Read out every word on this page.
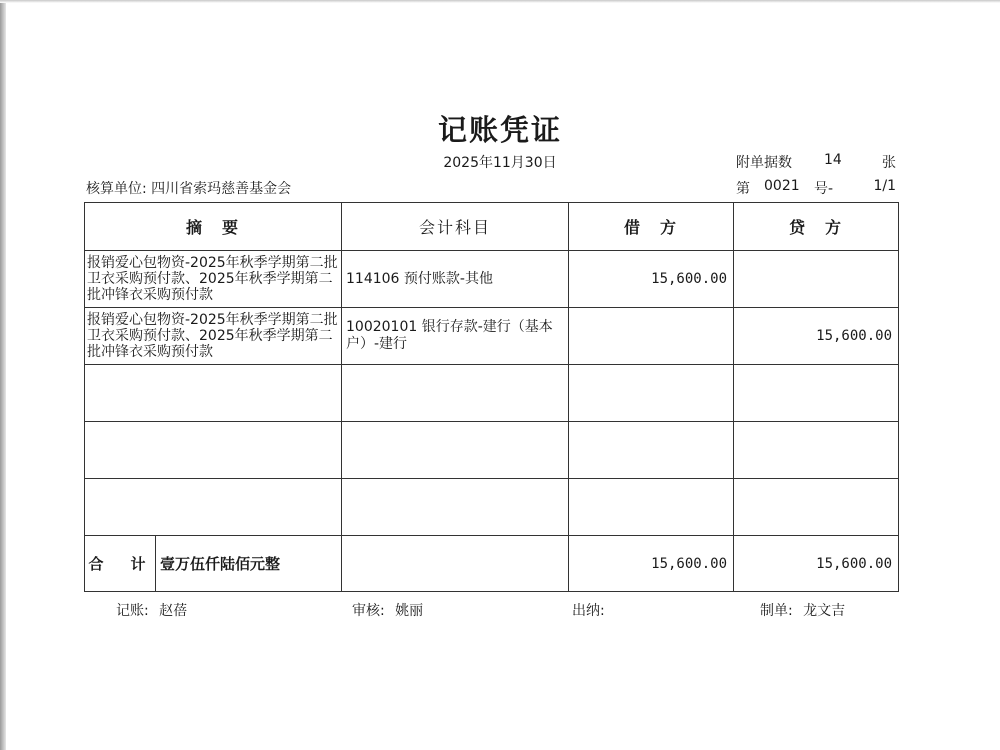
记账凭证
2025年11月30日	附单据数	14	张
核算单位: 四川省索玛慈善基金会	第	0021	号-	1/1
摘　要	会计科目	借　方	贷　方
报销爱心包物资-2025年秋季学期第二批卫衣采购预付款、2025年秋季学期第二批冲锋衣采购预付款	114106 预付账款-其他	15,600.00	
报销爱心包物资-2025年秋季学期第二批卫衣采购预付款、2025年秋季学期第二批冲锋衣采购预付款	10020101 银行存款-建行（基本户）-建行		15,600.00

合　计 壹万伍仟陆佰元整		15,600.00	15,600.00
记账: 赵蓓	审核: 姚丽	出纳:	制单: 龙文吉
